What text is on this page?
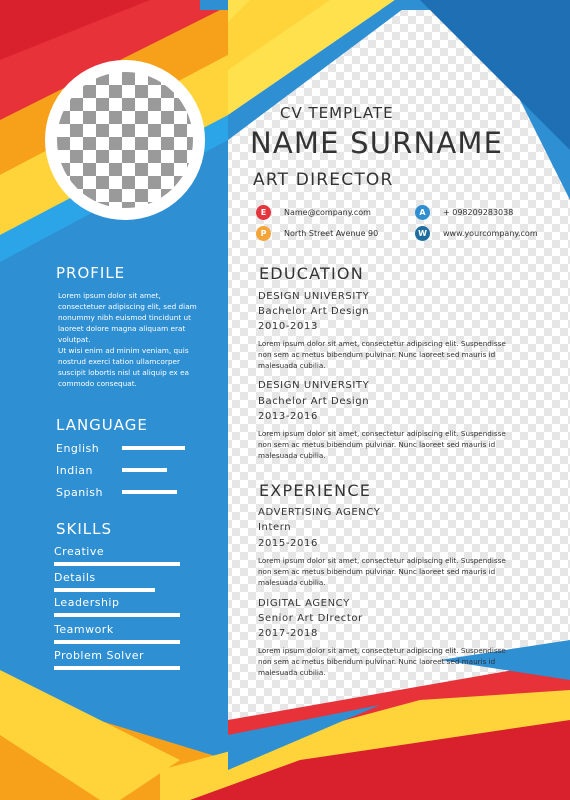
CV TEMPLATE
NAME SURNAME
ART DIRECTOR
E	Name@company.com	A	+ 098209283038
P	North Street Avenue 90	W	www.yourcompany.com
PROFILE
Lorem ipsum dolor sit amet, consectetuer adipiscing elit, sed diam nonummy nibh euismod tincidunt ut laoreet dolore magna aliquam erat volutpat.
Ut wisi enim ad minim veniam, quis nostrud exerci tation ullamcorper suscipit lobortis nisl ut aliquip ex ea commodo consequat.
LANGUAGE
English
Indian
Spanish
SKILLS
Creative
Details
Leadership
Teamwork
Problem Solver
EDUCATION
DESIGN UNIVERSITY
Bachelor Art Design
2010-2013
Lorem ipsum dolor sit amet, consectetur adipiscing elit. Suspendisse non sem ac metus bibendum pulvinar. Nunc laoreet sed mauris id malesuada cubilia.
DESIGN UNIVERSITY
Bachelor Art Design
2013-2016
Lorem ipsum dolor sit amet, consectetur adipiscing elit. Suspendisse non sem ac metus bibendum pulvinar. Nunc laoreet sed mauris id malesuada cubilia.
EXPERIENCE
ADVERTISING AGENCY
Intern
2015-2016
Lorem ipsum dolor sit amet, consectetur adipiscing elit. Suspendisse non sem ac metus bibendum pulvinar. Nunc laoreet sed mauris id malesuada cubilia.
DIGITAL AGENCY
Senior Art DIrector
2017-2018
Lorem ipsum dolor sit amet, consectetur adipiscing elit. Suspendisse non sem ac metus bibendum pulvinar. Nunc laoreet sed mauris id malesuada cubilia.
